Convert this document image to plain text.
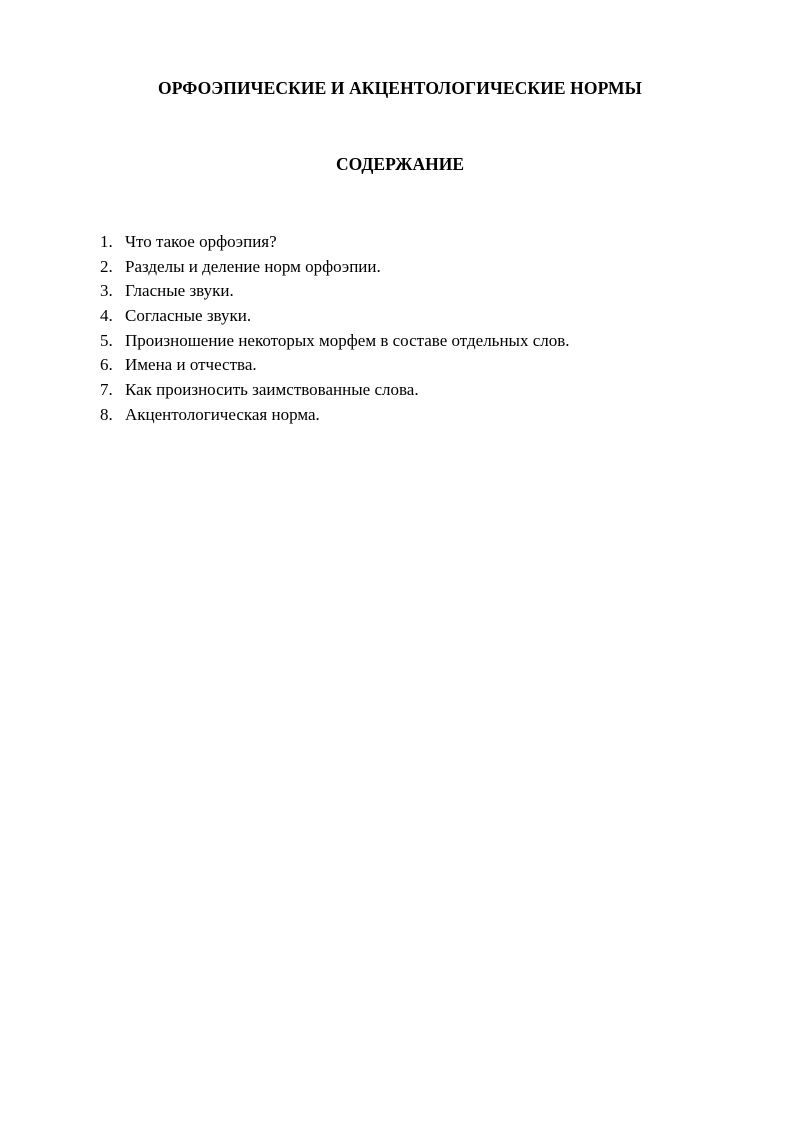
ОРФОЭПИЧЕСКИЕ И АКЦЕНТОЛОГИЧЕСКИЕ НОРМЫ
СОДЕРЖАНИЕ
1. Что такое орфоэпия?
2. Разделы и деление норм орфоэпии.
3. Гласные звуки.
4. Согласные звуки.
5. Произношение некоторых морфем в составе отдельных слов.
6. Имена и отчества.
7. Как произносить заимствованные слова.
8. Акцентологическая норма.
